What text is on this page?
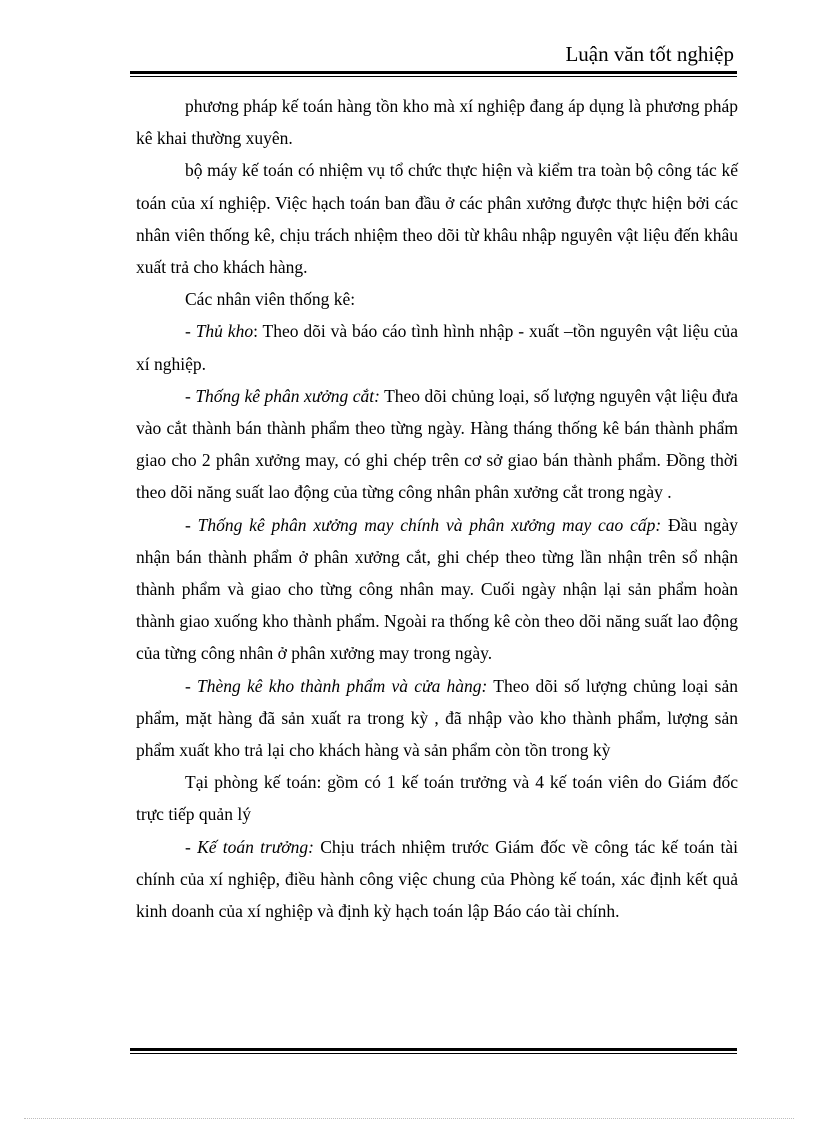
Luận văn tốt nghiệp

phương pháp kế toán hàng tồn kho mà xí nghiệp đang áp dụng là phương pháp kê khai thường xuyên.

bộ máy kế toán có nhiệm vụ tổ chức thực hiện và kiểm tra toàn bộ công tác kế toán của xí nghiệp. Việc hạch toán ban đầu ở các phân xưởng được thực hiện bởi các nhân viên thống kê, chịu trách nhiệm theo dõi từ khâu nhập nguyên vật liệu đến khâu xuất trả cho khách hàng.

Các nhân viên thống kê:

- Thủ kho: Theo dõi và báo cáo tình hình nhập - xuất –tồn nguyên vật liệu của xí nghiệp.

- Thống kê phân xưởng cắt: Theo dõi chủng loại, số lượng nguyên vật liệu đưa vào cắt thành bán thành phẩm theo từng ngày. Hàng tháng thống kê bán thành phẩm giao cho 2 phân xưởng may, có ghi chép trên cơ sở giao bán thành phẩm. Đồng thời theo dõi năng suất lao động của từng công nhân phân xưởng cắt trong ngày .

- Thống kê phân xưởng may chính và phân xưởng may cao cấp: Đầu ngày nhận bán thành phẩm ở phân xưởng cắt, ghi chép theo từng lần nhận trên sổ nhận thành phẩm và giao cho từng công nhân may. Cuối ngày nhận lại sản phẩm hoàn thành giao xuống kho thành phẩm. Ngoài ra thống kê còn theo dõi năng suất lao động của từng công nhân ở phân xưởng may trong ngày.

- Thèng kê kho thành phẩm và cửa hàng: Theo dõi số lượng chủng loại sản phẩm, mặt hàng đã sản xuất ra trong kỳ , đã nhập vào kho thành phẩm, lượng sản phẩm xuất kho trả lại cho khách hàng và sản phẩm còn tồn trong kỳ

Tại phòng kế toán: gồm có 1 kế toán trưởng và 4 kế toán viên do Giám đốc trực tiếp quản lý

- Kế toán trưởng: Chịu trách nhiệm trước Giám đốc về công tác kế toán tài chính của xí nghiệp, điều hành công việc chung của Phòng kế toán, xác định kết quả kinh doanh của xí nghiệp và định kỳ hạch toán lập Báo cáo tài chính.
